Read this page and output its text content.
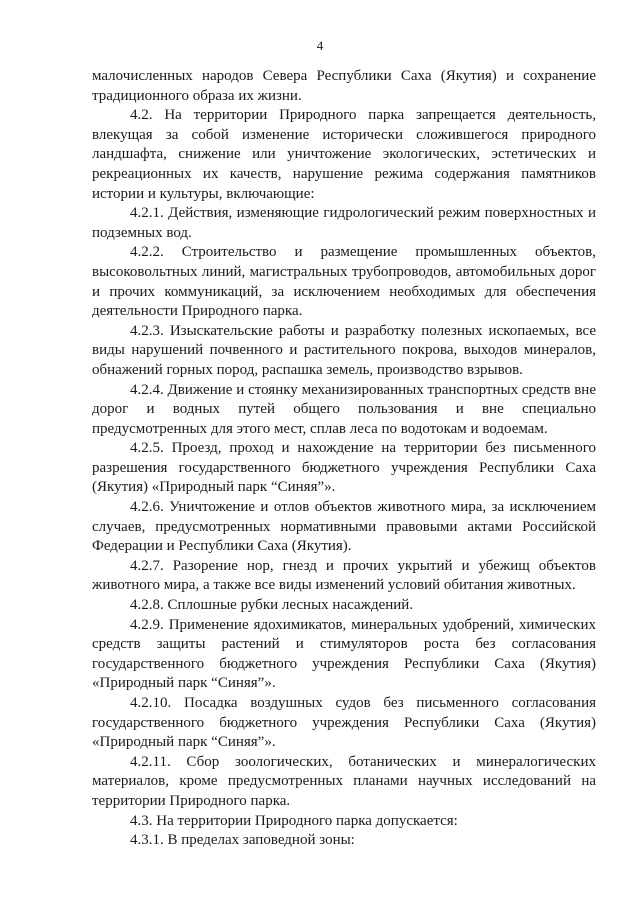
4

малочисленных народов Севера Республики Саха (Якутия) и сохранение традиционного образа их жизни.

4.2. На территории Природного парка запрещается деятельность, влекущая за собой изменение исторически сложившегося природного ландшафта, снижение или уничтожение экологических, эстетических и рекреационных их качеств, нарушение режима содержания памятников истории и культуры, включающие:

4.2.1. Действия, изменяющие гидрологический режим поверхностных и подземных вод.

4.2.2. Строительство и размещение промышленных объектов, высоковольтных линий, магистральных трубопроводов, автомобильных дорог и прочих коммуникаций, за исключением необходимых для обеспечения деятельности Природного парка.

4.2.3. Изыскательские работы и разработку полезных ископаемых, все виды нарушений почвенного и растительного покрова, выходов минералов, обнажений горных пород, распашка земель, производство взрывов.

4.2.4. Движение и стоянку механизированных транспортных средств вне дорог и водных путей общего пользования и вне специально предусмотренных для этого мест, сплав леса по водотокам и водоемам.

4.2.5. Проезд, проход и нахождение на территории без письменного разрешения государственного бюджетного учреждения Республики Саха (Якутия) «Природный парк “Синяя”».

4.2.6. Уничтожение и отлов объектов животного мира, за исключением случаев, предусмотренных нормативными правовыми актами Российской Федерации и Республики Саха (Якутия).

4.2.7. Разорение нор, гнезд и прочих укрытий и убежищ объектов животного мира, а также все виды изменений условий обитания животных.

4.2.8. Сплошные рубки лесных насаждений.

4.2.9. Применение ядохимикатов, минеральных удобрений, химических средств защиты растений и стимуляторов роста без согласования государственного бюджетного учреждения Республики Саха (Якутия) «Природный парк “Синяя”».

4.2.10. Посадка воздушных судов без письменного согласования государственного бюджетного учреждения Республики Саха (Якутия) «Природный парк “Синяя”».

4.2.11. Сбор зоологических, ботанических и минералогических материалов, кроме предусмотренных планами научных исследований на территории Природного парка.

4.3. На территории Природного парка допускается:

4.3.1. В пределах заповедной зоны:
